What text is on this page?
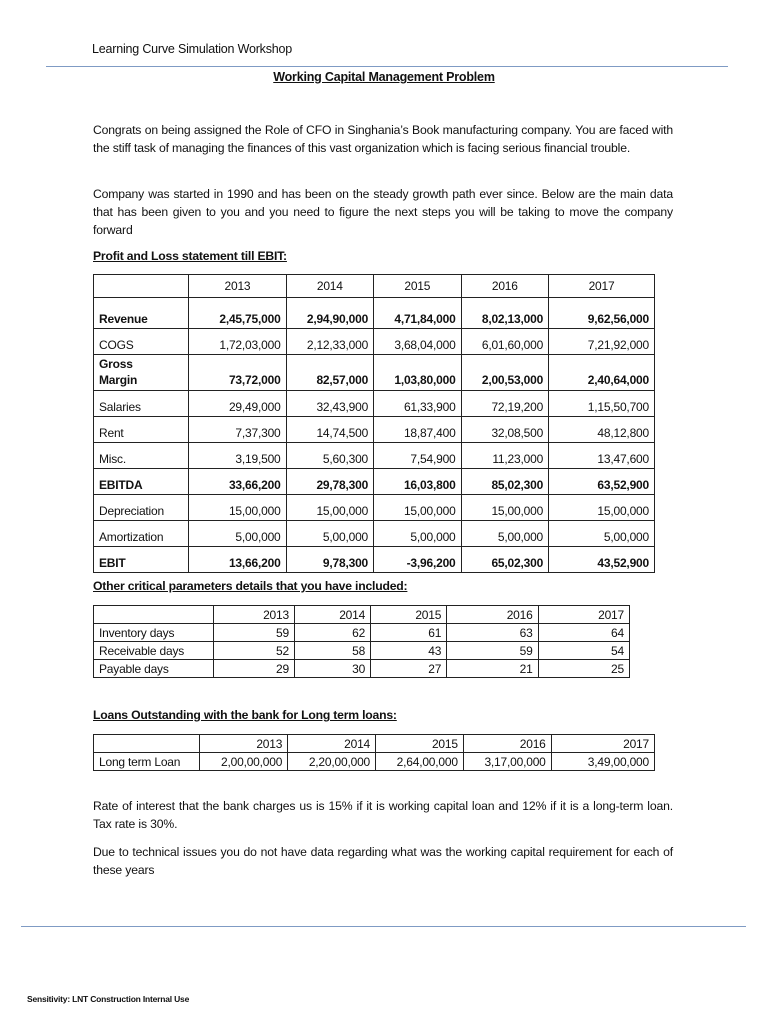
Learning Curve Simulation Workshop
Working Capital Management Problem
Congrats on being assigned the Role of CFO in Singhania’s Book manufacturing company. You are faced with the stiff task of managing the finances of this vast organization which is facing serious financial trouble.
Company was started in 1990 and has been on the steady growth path ever since. Below are the main data that has been given to you and you need to figure the next steps you will be taking to move the company forward
Profit and Loss statement till EBIT:
	2013	2014	2015	2016	2017
Revenue	2,45,75,000	2,94,90,000	4,71,84,000	8,02,13,000	9,62,56,000
COGS	1,72,03,000	2,12,33,000	3,68,04,000	6,01,60,000	7,21,92,000
Gross Margin	73,72,000	82,57,000	1,03,80,000	2,00,53,000	2,40,64,000
Salaries	29,49,000	32,43,900	61,33,900	72,19,200	1,15,50,700
Rent	7,37,300	14,74,500	18,87,400	32,08,500	48,12,800
Misc.	3,19,500	5,60,300	7,54,900	11,23,000	13,47,600
EBITDA	33,66,200	29,78,300	16,03,800	85,02,300	63,52,900
Depreciation	15,00,000	15,00,000	15,00,000	15,00,000	15,00,000
Amortization	5,00,000	5,00,000	5,00,000	5,00,000	5,00,000
EBIT	13,66,200	9,78,300	-3,96,200	65,02,300	43,52,900
Other critical parameters details that you have included:
	2013	2014	2015	2016	2017
Inventory days	59	62	61	63	64
Receivable days	52	58	43	59	54
Payable days	29	30	27	21	25
Loans Outstanding with the bank for Long term loans:
	2013	2014	2015	2016	2017
Long term Loan	2,00,00,000	2,20,00,000	2,64,00,000	3,17,00,000	3,49,00,000
Rate of interest that the bank charges us is 15% if it is working capital loan and 12% if it is a long-term loan. Tax rate is 30%.
Due to technical issues you do not have data regarding what was the working capital requirement for each of these years
Sensitivity: LNT Construction Internal Use
